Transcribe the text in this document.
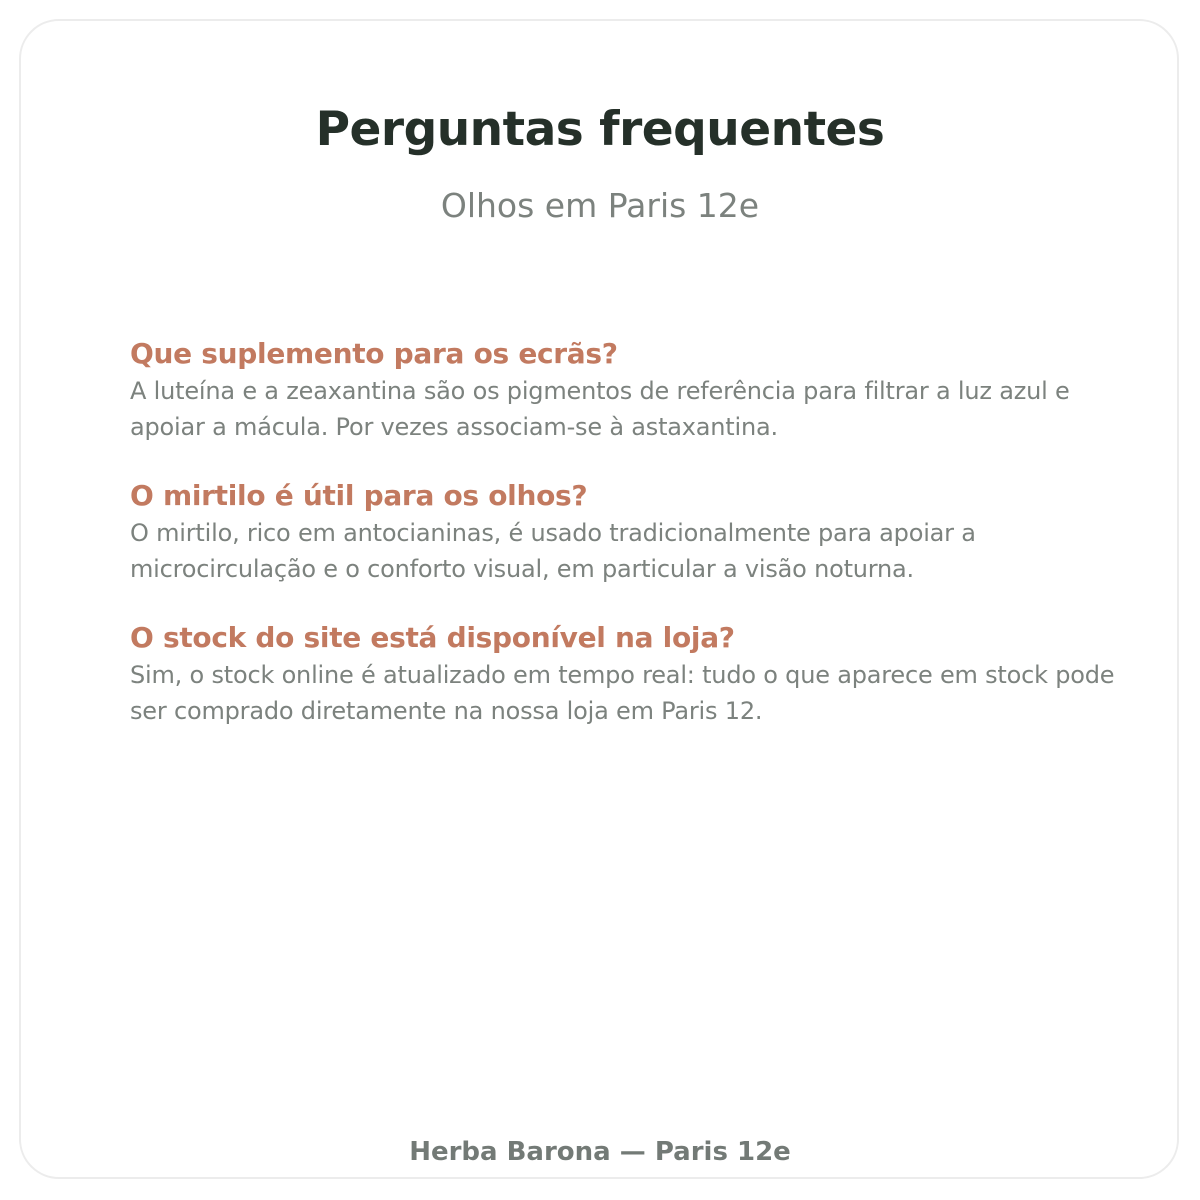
Perguntas frequentes

Olhos em Paris 12e

Que suplemento para os ecrãs?

A luteína e a zeaxantina são os pigmentos de referência para filtrar a luz azul e apoiar a mácula. Por vezes associam-se à astaxantina.

O mirtilo é útil para os olhos?

O mirtilo, rico em antocianinas, é usado tradicionalmente para apoiar a microcirculação e o conforto visual, em particular a visão noturna.

O stock do site está disponível na loja?

Sim, o stock online é atualizado em tempo real: tudo o que aparece em stock pode ser comprado diretamente na nossa loja em Paris 12.

Herba Barona — Paris 12e
